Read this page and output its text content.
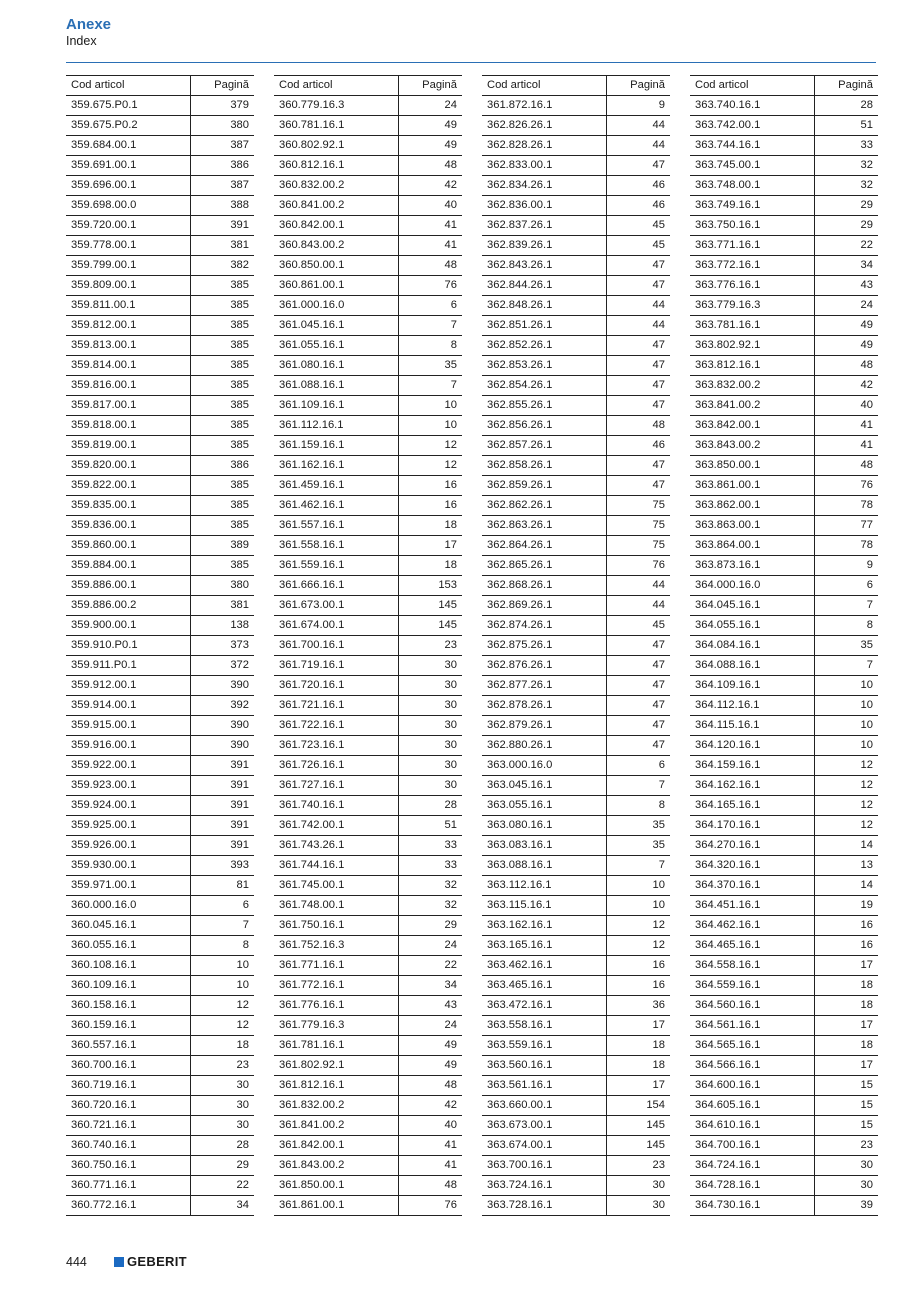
Anexe
Index
Cod articol	Pagină
359.675.P0.1	379
359.675.P0.2	380
359.684.00.1	387
359.691.00.1	386
359.696.00.1	387
359.698.00.0	388
359.720.00.1	391
359.778.00.1	381
359.799.00.1	382
359.809.00.1	385
359.811.00.1	385
359.812.00.1	385
359.813.00.1	385
359.814.00.1	385
359.816.00.1	385
359.817.00.1	385
359.818.00.1	385
359.819.00.1	385
359.820.00.1	386
359.822.00.1	385
359.835.00.1	385
359.836.00.1	385
359.860.00.1	389
359.884.00.1	385
359.886.00.1	380
359.886.00.2	381
359.900.00.1	138
359.910.P0.1	373
359.911.P0.1	372
359.912.00.1	390
359.914.00.1	392
359.915.00.1	390
359.916.00.1	390
359.922.00.1	391
359.923.00.1	391
359.924.00.1	391
359.925.00.1	391
359.926.00.1	391
359.930.00.1	393
359.971.00.1	81
360.000.16.0	6
360.045.16.1	7
360.055.16.1	8
360.108.16.1	10
360.109.16.1	10
360.158.16.1	12
360.159.16.1	12
360.557.16.1	18
360.700.16.1	23
360.719.16.1	30
360.720.16.1	30
360.721.16.1	30
360.740.16.1	28
360.750.16.1	29
360.771.16.1	22
360.772.16.1	34
Cod articol	Pagină
360.779.16.3	24
360.781.16.1	49
360.802.92.1	49
360.812.16.1	48
360.832.00.2	42
360.841.00.2	40
360.842.00.1	41
360.843.00.2	41
360.850.00.1	48
360.861.00.1	76
361.000.16.0	6
361.045.16.1	7
361.055.16.1	8
361.080.16.1	35
361.088.16.1	7
361.109.16.1	10
361.112.16.1	10
361.159.16.1	12
361.162.16.1	12
361.459.16.1	16
361.462.16.1	16
361.557.16.1	18
361.558.16.1	17
361.559.16.1	18
361.666.16.1	153
361.673.00.1	145
361.674.00.1	145
361.700.16.1	23
361.719.16.1	30
361.720.16.1	30
361.721.16.1	30
361.722.16.1	30
361.723.16.1	30
361.726.16.1	30
361.727.16.1	30
361.740.16.1	28
361.742.00.1	51
361.743.26.1	33
361.744.16.1	33
361.745.00.1	32
361.748.00.1	32
361.750.16.1	29
361.752.16.3	24
361.771.16.1	22
361.772.16.1	34
361.776.16.1	43
361.779.16.3	24
361.781.16.1	49
361.802.92.1	49
361.812.16.1	48
361.832.00.2	42
361.841.00.2	40
361.842.00.1	41
361.843.00.2	41
361.850.00.1	48
361.861.00.1	76
Cod articol	Pagină
361.872.16.1	9
362.826.26.1	44
362.828.26.1	44
362.833.00.1	47
362.834.26.1	46
362.836.00.1	46
362.837.26.1	45
362.839.26.1	45
362.843.26.1	47
362.844.26.1	47
362.848.26.1	44
362.851.26.1	44
362.852.26.1	47
362.853.26.1	47
362.854.26.1	47
362.855.26.1	47
362.856.26.1	48
362.857.26.1	46
362.858.26.1	47
362.859.26.1	47
362.862.26.1	75
362.863.26.1	75
362.864.26.1	75
362.865.26.1	76
362.868.26.1	44
362.869.26.1	44
362.874.26.1	45
362.875.26.1	47
362.876.26.1	47
362.877.26.1	47
362.878.26.1	47
362.879.26.1	47
362.880.26.1	47
363.000.16.0	6
363.045.16.1	7
363.055.16.1	8
363.080.16.1	35
363.083.16.1	35
363.088.16.1	7
363.112.16.1	10
363.115.16.1	10
363.162.16.1	12
363.165.16.1	12
363.462.16.1	16
363.465.16.1	16
363.472.16.1	36
363.558.16.1	17
363.559.16.1	18
363.560.16.1	18
363.561.16.1	17
363.660.00.1	154
363.673.00.1	145
363.674.00.1	145
363.700.16.1	23
363.724.16.1	30
363.728.16.1	30
Cod articol	Pagină
363.740.16.1	28
363.742.00.1	51
363.744.16.1	33
363.745.00.1	32
363.748.00.1	32
363.749.16.1	29
363.750.16.1	29
363.771.16.1	22
363.772.16.1	34
363.776.16.1	43
363.779.16.3	24
363.781.16.1	49
363.802.92.1	49
363.812.16.1	48
363.832.00.2	42
363.841.00.2	40
363.842.00.1	41
363.843.00.2	41
363.850.00.1	48
363.861.00.1	76
363.862.00.1	78
363.863.00.1	77
363.864.00.1	78
363.873.16.1	9
364.000.16.0	6
364.045.16.1	7
364.055.16.1	8
364.084.16.1	35
364.088.16.1	7
364.109.16.1	10
364.112.16.1	10
364.115.16.1	10
364.120.16.1	10
364.159.16.1	12
364.162.16.1	12
364.165.16.1	12
364.170.16.1	12
364.270.16.1	14
364.320.16.1	13
364.370.16.1	14
364.451.16.1	19
364.462.16.1	16
364.465.16.1	16
364.558.16.1	17
364.559.16.1	18
364.560.16.1	18
364.561.16.1	17
364.565.16.1	18
364.566.16.1	17
364.600.16.1	15
364.605.16.1	15
364.610.16.1	15
364.700.16.1	23
364.724.16.1	30
364.728.16.1	30
364.730.16.1	39
444	GEBERIT
